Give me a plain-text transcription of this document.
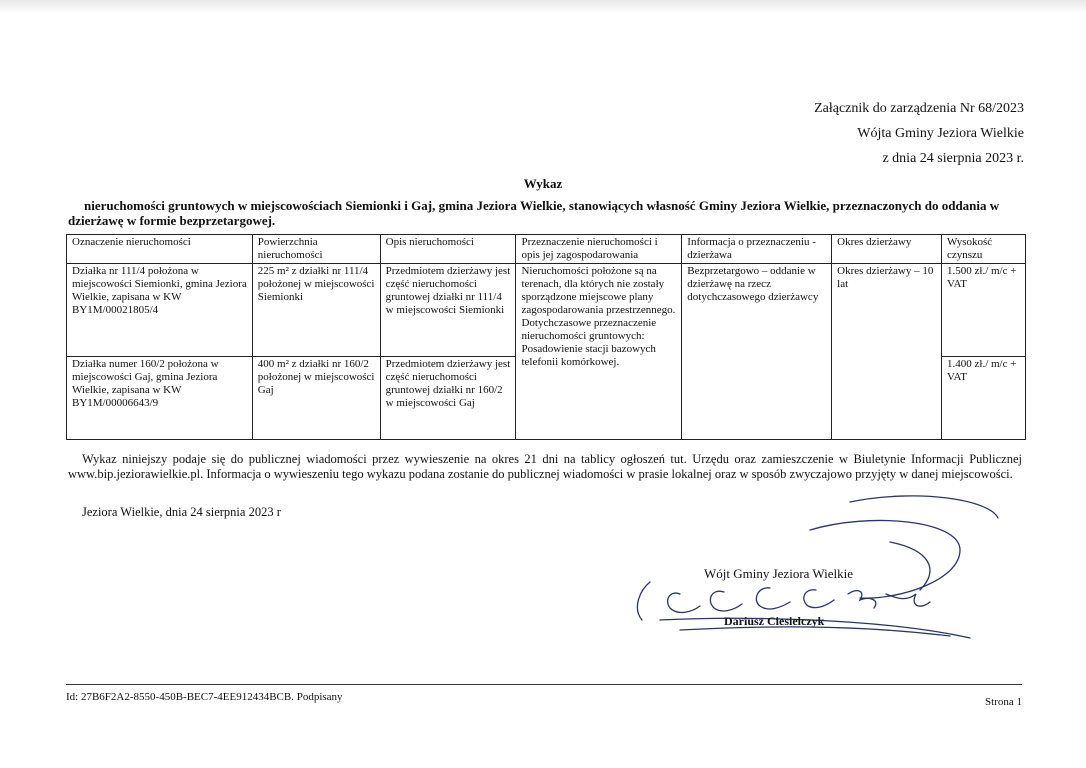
Załącznik do zarządzenia Nr 68/2023
Wójta Gminy Jeziora Wielkie
z dnia 24 sierpnia 2023 r.
Wykaz
nieruchomości gruntowych w miejscowościach Siemionki i Gaj, gmina Jeziora Wielkie, stanowiących własność Gminy Jeziora Wielkie, przeznaczonych do oddania w dzierżawę w formie bezprzetargowej.
Oznaczenie nieruchomości	Powierzchnia nieruchomości	Opis nieruchomości	Przeznaczenie nieruchomości i opis jej zagospodarowania	Informacja o przeznaczeniu - dzierżawa	Okres dzierżawy	Wysokość czynszu
Działka nr 111/4 położona w miejscowości Siemionki, gmina Jeziora Wielkie, zapisana w KW BY1M/00021805/4	225 m² z działki nr 111/4 położonej w miejscowości Siemionki	Przedmiotem dzierżawy jest część nieruchomości gruntowej działki nr 111/4 w miejscowości Siemionki	Nieruchomości położone są na terenach, dla których nie zostały sporządzone miejscowe plany zagospodarowania przestrzennego. Dotychczasowe przeznaczenie nieruchomości gruntowych:
Posadowienie stacji bazowych telefonii komórkowej.	Bezprzetargowo – oddanie w dzierżawę na rzecz dotychczasowego dzierżawcy	Okres dzierżawy – 10 lat	1.500 zł./ m/c + VAT
Działka numer 160/2 położona w miejscowości Gaj, gmina Jeziora Wielkie, zapisana w KW BY1M/00006643/9	400 m² z działki nr 160/2 położonej w miejscowości Gaj	Przedmiotem dzierżawy jest część nieruchomości gruntowej działki nr 160/2 w miejscowości Gaj				1.400 zł./ m/c + VAT
Wykaz niniejszy podaje się do publicznej wiadomości przez wywieszenie na okres 21 dni na tablicy ogłoszeń tut. Urzędu oraz zamieszczenie w Biuletynie Informacji Publicznej www.bip.jeziorawielkie.pl. Informacja o wywieszeniu tego wykazu podana zostanie do publicznej wiadomości w prasie lokalnej oraz w sposób zwyczajowo przyjęty w danej miejscowości.
Jeziora Wielkie, dnia 24 sierpnia 2023 r
Wójt Gminy Jeziora Wielkie
Dariusz Ciesielczyk
Id: 27B6F2A2-8550-450B-BEC7-4EE912434BCB. Podpisany	Strona 1
